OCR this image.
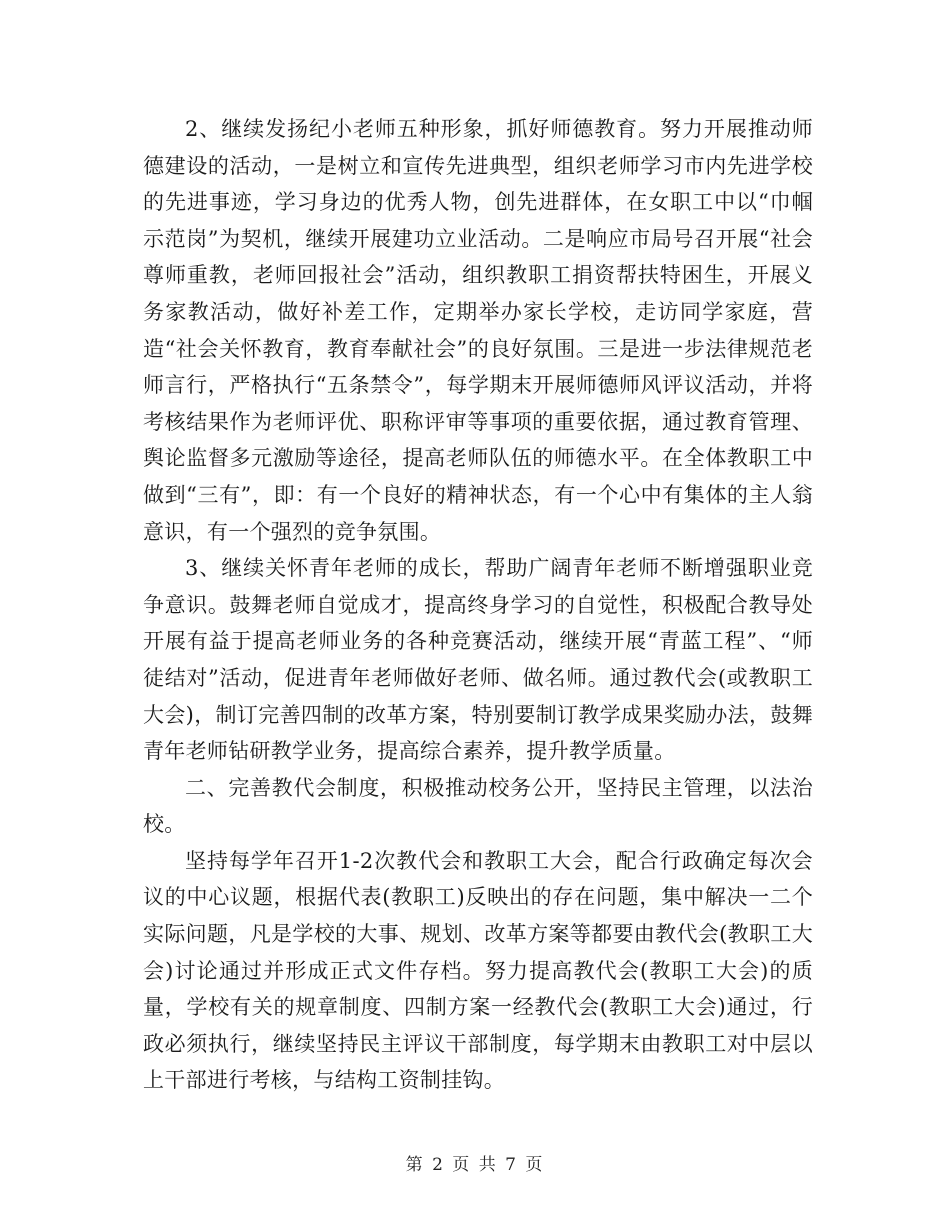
2、继续发扬纪小老师五种形象，抓好师德教育。努力开展推动师德建设的活动，一是树立和宣传先进典型，组织老师学习市内先进学校的先进事迹，学习身边的优秀人物，创先进群体，在女职工中以“巾帼示范岗”为契机，继续开展建功立业活动。二是响应市局号召开展“社会尊师重教，老师回报社会”活动，组织教职工捐资帮扶特困生，开展义务家教活动，做好补差工作，定期举办家长学校，走访同学家庭，营造“社会关怀教育，教育奉献社会”的良好氛围。三是进一步法律规范老师言行，严格执行“五条禁令”，每学期末开展师德师风评议活动，并将考核结果作为老师评优、职称评审等事项的重要依据，通过教育管理、舆论监督多元激励等途径，提高老师队伍的师德水平。在全体教职工中做到“三有”，即：有一个良好的精神状态，有一个心中有集体的主人翁意识，有一个强烈的竞争氛围。

3、继续关怀青年老师的成长，帮助广阔青年老师不断增强职业竞争意识。鼓舞老师自觉成才，提高终身学习的自觉性，积极配合教导处开展有益于提高老师业务的各种竞赛活动，继续开展“青蓝工程”、“师徒结对”活动，促进青年老师做好老师、做名师。通过教代会(或教职工大会)，制订完善四制的改革方案，特别要制订教学成果奖励办法，鼓舞青年老师钻研教学业务，提高综合素养，提升教学质量。

二、完善教代会制度，积极推动校务公开，坚持民主管理，以法治校。

坚持每学年召开1-2次教代会和教职工大会，配合行政确定每次会议的中心议题，根据代表(教职工)反映出的存在问题，集中解决一二个实际问题，凡是学校的大事、规划、改革方案等都要由教代会(教职工大会)讨论通过并形成正式文件存档。努力提高教代会(教职工大会)的质量，学校有关的规章制度、四制方案一经教代会(教职工大会)通过，行政必须执行，继续坚持民主评议干部制度，每学期末由教职工对中层以上干部进行考核，与结构工资制挂钩。

第 2 页 共 7 页
